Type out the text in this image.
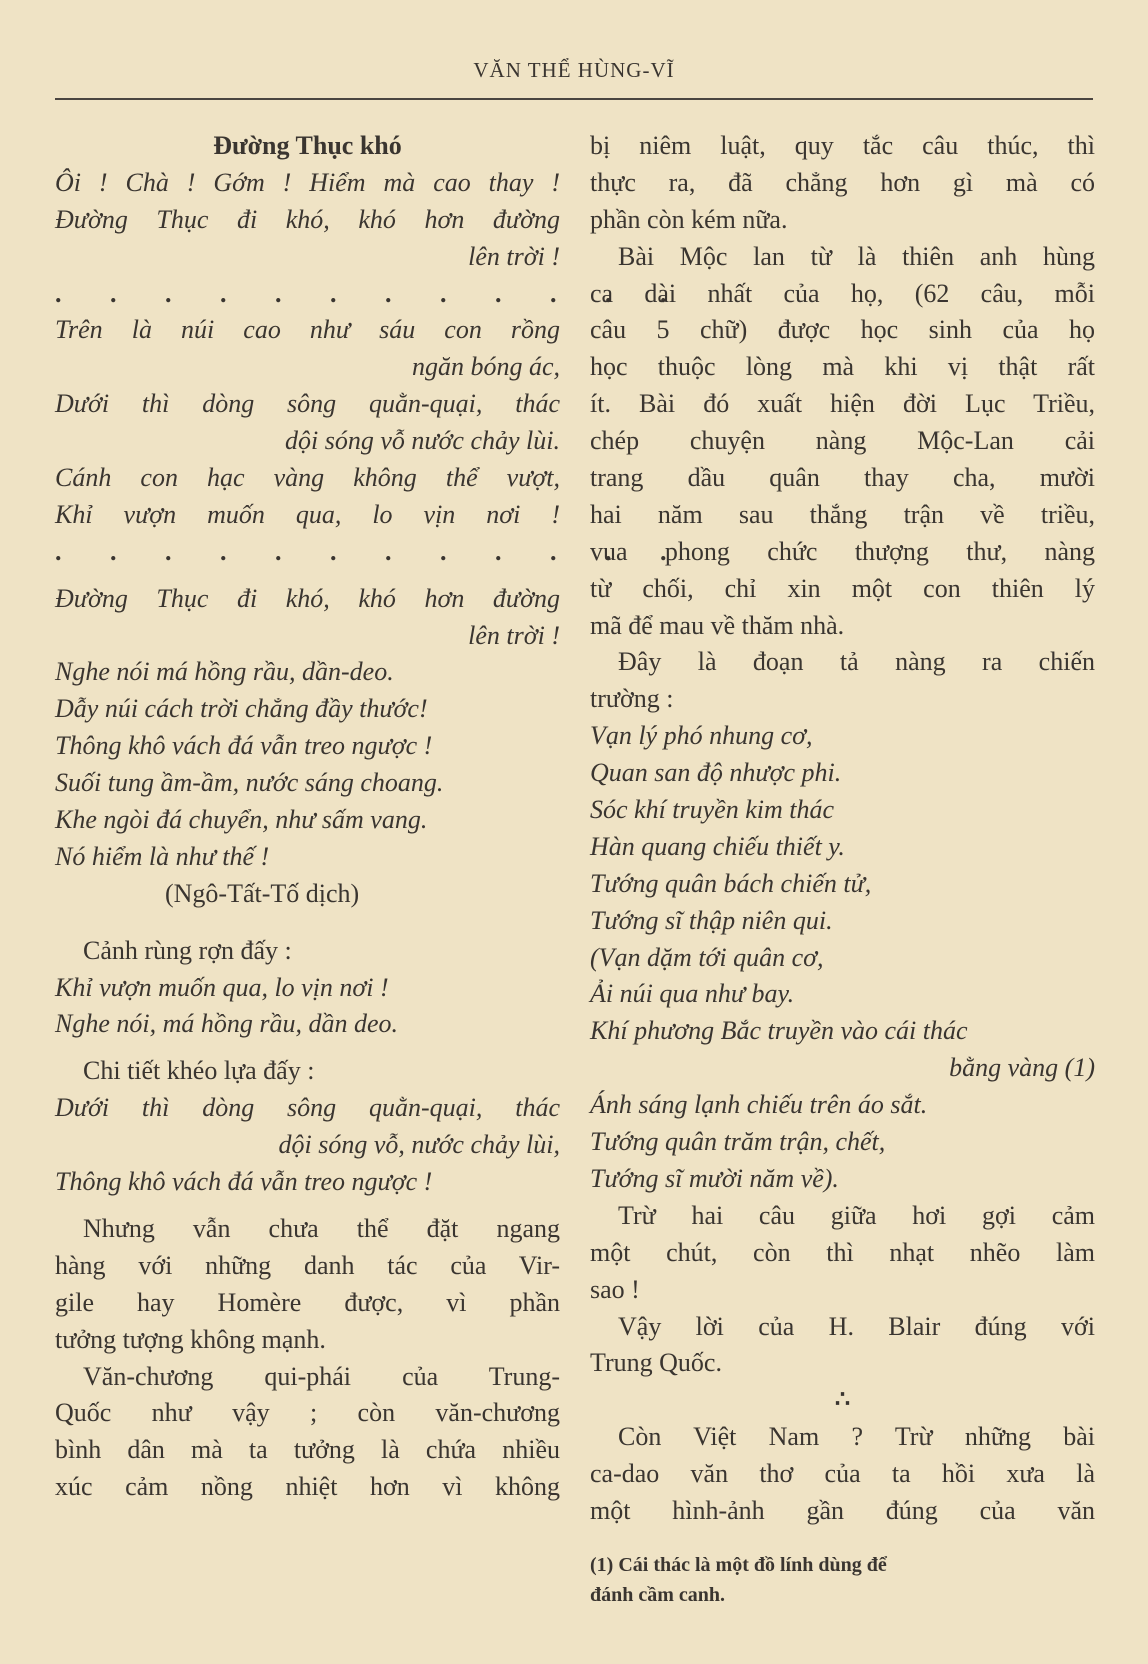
VĂN THỂ HÙNG-VĨ
Đường Thục khó
Ôi ! Chà ! Gớm ! Hiểm mà cao thay !
Đường Thục đi khó, khó hơn đường
lên trời !
. . . . . . . . . . . .
Trên là núi cao như sáu con rồng
ngăn bóng ác,
Dưới thì dòng sông quằn-quại, thác
dội sóng vỗ nước chảy lùi.
Cánh con hạc vàng không thể vượt,
Khỉ vượn muốn qua, lo vịn nơi !
. . . . . . . . . . . .
Đường Thục đi khó, khó hơn đường
lên trời !
Nghe nói má hồng rầu, dần-deo.
Dẫy núi cách trời chẳng đầy thước!
Thông khô vách đá vẫn treo ngược !
Suối tung ầm-ầm, nước sáng choang.
Khe ngòi đá chuyển, như sấm vang.
Nó hiểm là như thế !
(Ngô-Tất-Tố dịch)
Cảnh rùng rợn đấy :
Khỉ vượn muốn qua, lo vịn nơi !
Nghe nói, má hồng rầu, dần deo.
Chi tiết khéo lựa đấy :
Dưới thì dòng sông quằn-quại, thác
dội sóng vỗ, nước chảy lùi,
Thông khô vách đá vẫn treo ngược !
Nhưng vẫn chưa thể đặt ngang
hàng với những danh tác của Vir-
gile hay Homère được, vì phần
tưởng tượng không mạnh.
Văn-chương qui-phái của Trung-
Quốc như vậy ; còn văn-chương
bình dân mà ta tưởng là chứa nhiều
xúc cảm nồng nhiệt hơn vì không
bị niêm luật, quy tắc câu thúc, thì
thực ra, đã chẳng hơn gì mà có
phần còn kém nữa.
Bài Mộc lan từ là thiên anh hùng
ca dài nhất của họ, (62 câu, mỗi
câu 5 chữ) được học sinh của họ
học thuộc lòng mà khi vị thật rất
ít. Bài đó xuất hiện đời Lục Triều,
chép chuyện nàng Mộc-Lan cải
trang dầu quân thay cha, mười
hai năm sau thắng trận về triều,
vua phong chức thượng thư, nàng
từ chối, chỉ xin một con thiên lý
mã để mau về thăm nhà.
Đây là đoạn tả nàng ra chiến
trường :
Vạn lý phó nhung cơ,
Quan san độ nhược phi.
Sóc khí truyền kim thác
Hàn quang chiếu thiết y.
Tướng quân bách chiến tử,
Tướng sĩ thập niên qui.
(Vạn dặm tới quân cơ,
Ải núi qua như bay.
Khí phương Bắc truyền vào cái thác
bằng vàng (1)
Ánh sáng lạnh chiếu trên áo sắt.
Tướng quân trăm trận, chết,
Tướng sĩ mười năm về).
Trừ hai câu giữa hơi gợi cảm
một chút, còn thì nhạt nhẽo làm
sao !
Vậy lời của H. Blair đúng với
Trung Quốc.
∴
Còn Việt Nam ? Trừ những bài
ca-dao văn thơ của ta hồi xưa là
một hình-ảnh gần đúng của văn
(1) Cái thác là một đồ lính dùng để
đánh cầm canh.
